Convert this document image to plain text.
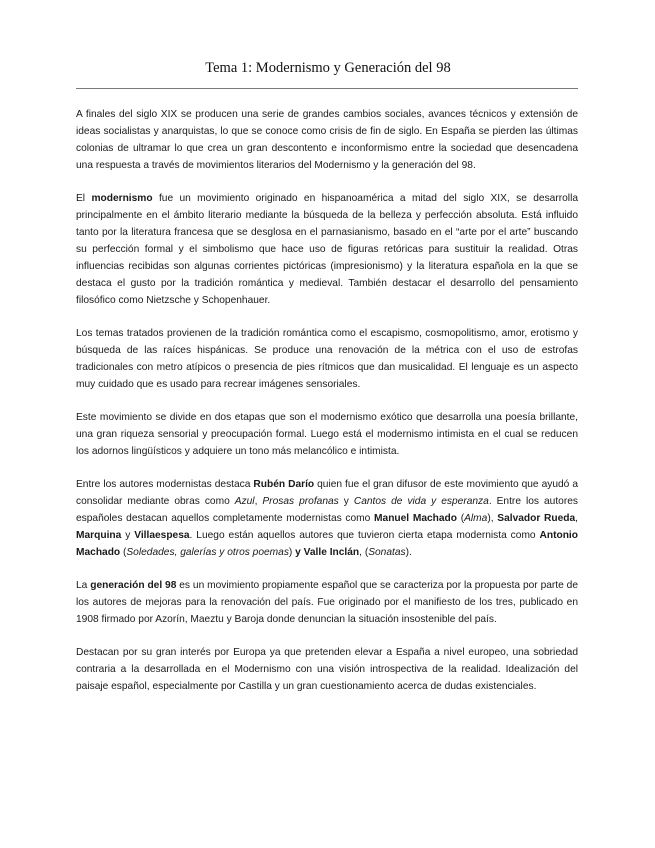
Tema 1: Modernismo y Generación del 98

A finales del siglo XIX se producen una serie de grandes cambios sociales, avances técnicos y extensión de ideas socialistas y anarquistas, lo que se conoce como crisis de fin de siglo. En España se pierden las últimas colonias de ultramar lo que crea un gran descontento e inconformismo entre la sociedad que desencadena una respuesta a través de movimientos literarios del Modernismo y la generación del 98.

El modernismo fue un movimiento originado en hispanoamérica a mitad del siglo XIX, se desarrolla principalmente en el ámbito literario mediante la búsqueda de la belleza y perfección absoluta. Está influido tanto por la literatura francesa que se desglosa en el parnasianismo, basado en el “arte por el arte” buscando su perfección formal y el simbolismo que hace uso de figuras retóricas para sustituir la realidad. Otras influencias recibidas son algunas corrientes pictóricas (impresionismo) y la literatura española en la que se destaca el gusto por la tradición romántica y medieval. También destacar el desarrollo del pensamiento filosófico como Nietzsche y Schopenhauer.

Los temas tratados provienen de la tradición romántica como el escapismo, cosmopolitismo, amor, erotismo y búsqueda de las raíces hispánicas. Se produce una renovación de la métrica con el uso de estrofas tradicionales con metro atípicos o presencia de pies rítmicos que dan musicalidad. El lenguaje es un aspecto muy cuidado que es usado para recrear imágenes sensoriales.

Este movimiento se divide en dos etapas que son el modernismo exótico que desarrolla una poesía brillante, una gran riqueza sensorial y preocupación formal. Luego está el modernismo intimista en el cual se reducen los adornos lingüísticos y adquiere un tono más melancólico e intimista.

Entre los autores modernistas destaca Rubén Darío quien fue el gran difusor de este movimiento que ayudó a consolidar mediante obras como Azul, Prosas profanas y Cantos de vida y esperanza. Entre los autores españoles destacan aquellos completamente modernistas como Manuel Machado (Alma), Salvador Rueda, Marquina y Villaespesa. Luego están aquellos autores que tuvieron cierta etapa modernista como Antonio Machado (Soledades, galerías y otros poemas) y Valle Inclán, (Sonatas).

La generación del 98 es un movimiento propiamente español que se caracteriza por la propuesta por parte de los autores de mejoras para la renovación del país. Fue originado por el manifiesto de los tres, publicado en 1908 firmado por Azorín, Maeztu y Baroja donde denuncian la situación insostenible del país.

Destacan por su gran interés por Europa ya que pretenden elevar a España a nivel europeo, una sobriedad contraria a la desarrollada en el Modernismo con una visión introspectiva de la realidad. Idealización del paisaje español, especialmente por Castilla y un gran cuestionamiento acerca de dudas existenciales.
